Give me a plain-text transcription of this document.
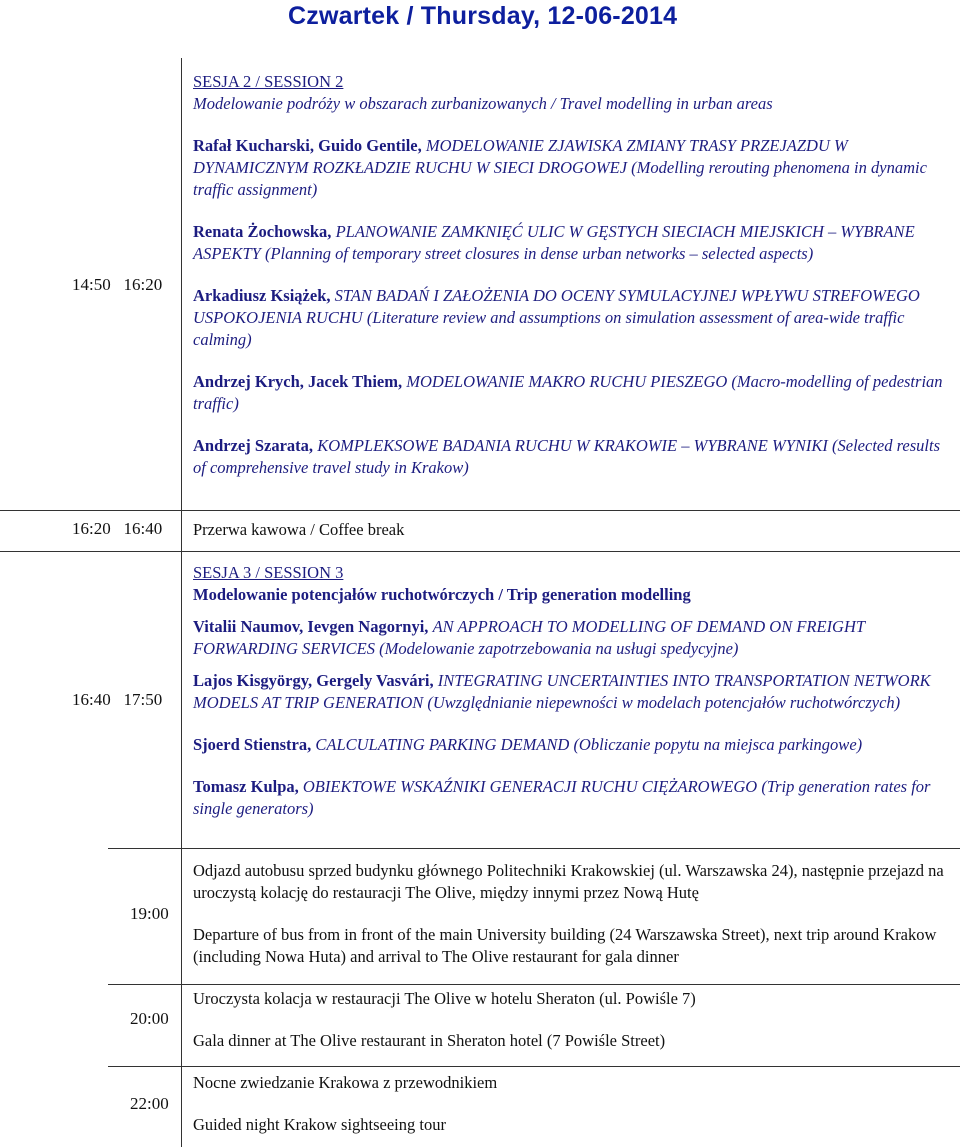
Czwartek / Thursday, 12-06-2014
14:50 16:20

SESJA 2 / SESSION 2

Modelowanie podróży w obszarach zurbanizowanych / Travel modelling in urban areas

Rafał Kucharski, Guido Gentile, MODELOWANIE ZJAWISKA ZMIANY TRASY PRZEJAZDU W DYNAMICZNYM ROZKŁADZIE RUCHU W SIECI DROGOWEJ (Modelling rerouting phenomena in dynamic traffic assignment)

Renata Żochowska, PLANOWANIE ZAMKNIĘĆ ULIC W GĘSTYCH SIECIACH MIEJSKICH – WYBRANE ASPEKTY (Planning of temporary street closures in dense urban networks – selected aspects)

Arkadiusz Książek, STAN BADAŃ I ZAŁOŻENIA DO OCENY SYMULACYJNEJ WPŁYWU STREFOWEGO USPOKOJENIA RUCHU (Literature review and assumptions on simulation assessment of area-wide traffic calming)

Andrzej Krych, Jacek Thiem, MODELOWANIE MAKRO RUCHU PIESZEGO (Macro-modelling of pedestrian traffic)

Andrzej Szarata, KOMPLEKSOWE BADANIA RUCHU W KRAKOWIE – WYBRANE WYNIKI (Selected results of comprehensive travel study in Krakow)

16:20 16:40 Przerwa kawowa / Coffee break

16:40 17:50

SESJA 3 / SESSION 3

Modelowanie potencjałów ruchotwórczych / Trip generation modelling

Vitalii Naumov, Ievgen Nagornyi, AN APPROACH TO MODELLING OF DEMAND ON FREIGHT FORWARDING SERVICES (Modelowanie zapotrzebowania na usługi spedycyjne)

Lajos Kisgyörgy, Gergely Vasvári, INTEGRATING UNCERTAINTIES INTO TRANSPORTATION NETWORK MODELS AT TRIP GENERATION (Uwzględnianie niepewności w modelach potencjałów ruchotwórczych)

Sjoerd Stienstra, CALCULATING PARKING DEMAND (Obliczanie popytu na miejsca parkingowe)

Tomasz Kulpa, OBIEKTOWE WSKAŹNIKI GENERACJI RUCHU CIĘŻAROWEGO (Trip generation rates for single generators)

19:00

Odjazd autobusu sprzed budynku głównego Politechniki Krakowskiej (ul. Warszawska 24), następnie przejazd na uroczystą kolację do restauracji The Olive, między innymi przez Nową Hutę

Departure of bus from in front of the main University building (24 Warszawska Street), next trip around Krakow (including Nowa Huta) and arrival to The Olive restaurant for gala dinner

20:00

Uroczysta kolacja w restauracji The Olive w hotelu Sheraton (ul. Powiśle 7)

Gala dinner at The Olive restaurant in Sheraton hotel (7 Powiśle Street)

22:00

Nocne zwiedzanie Krakowa z przewodnikiem

Guided night Krakow sightseeing tour
